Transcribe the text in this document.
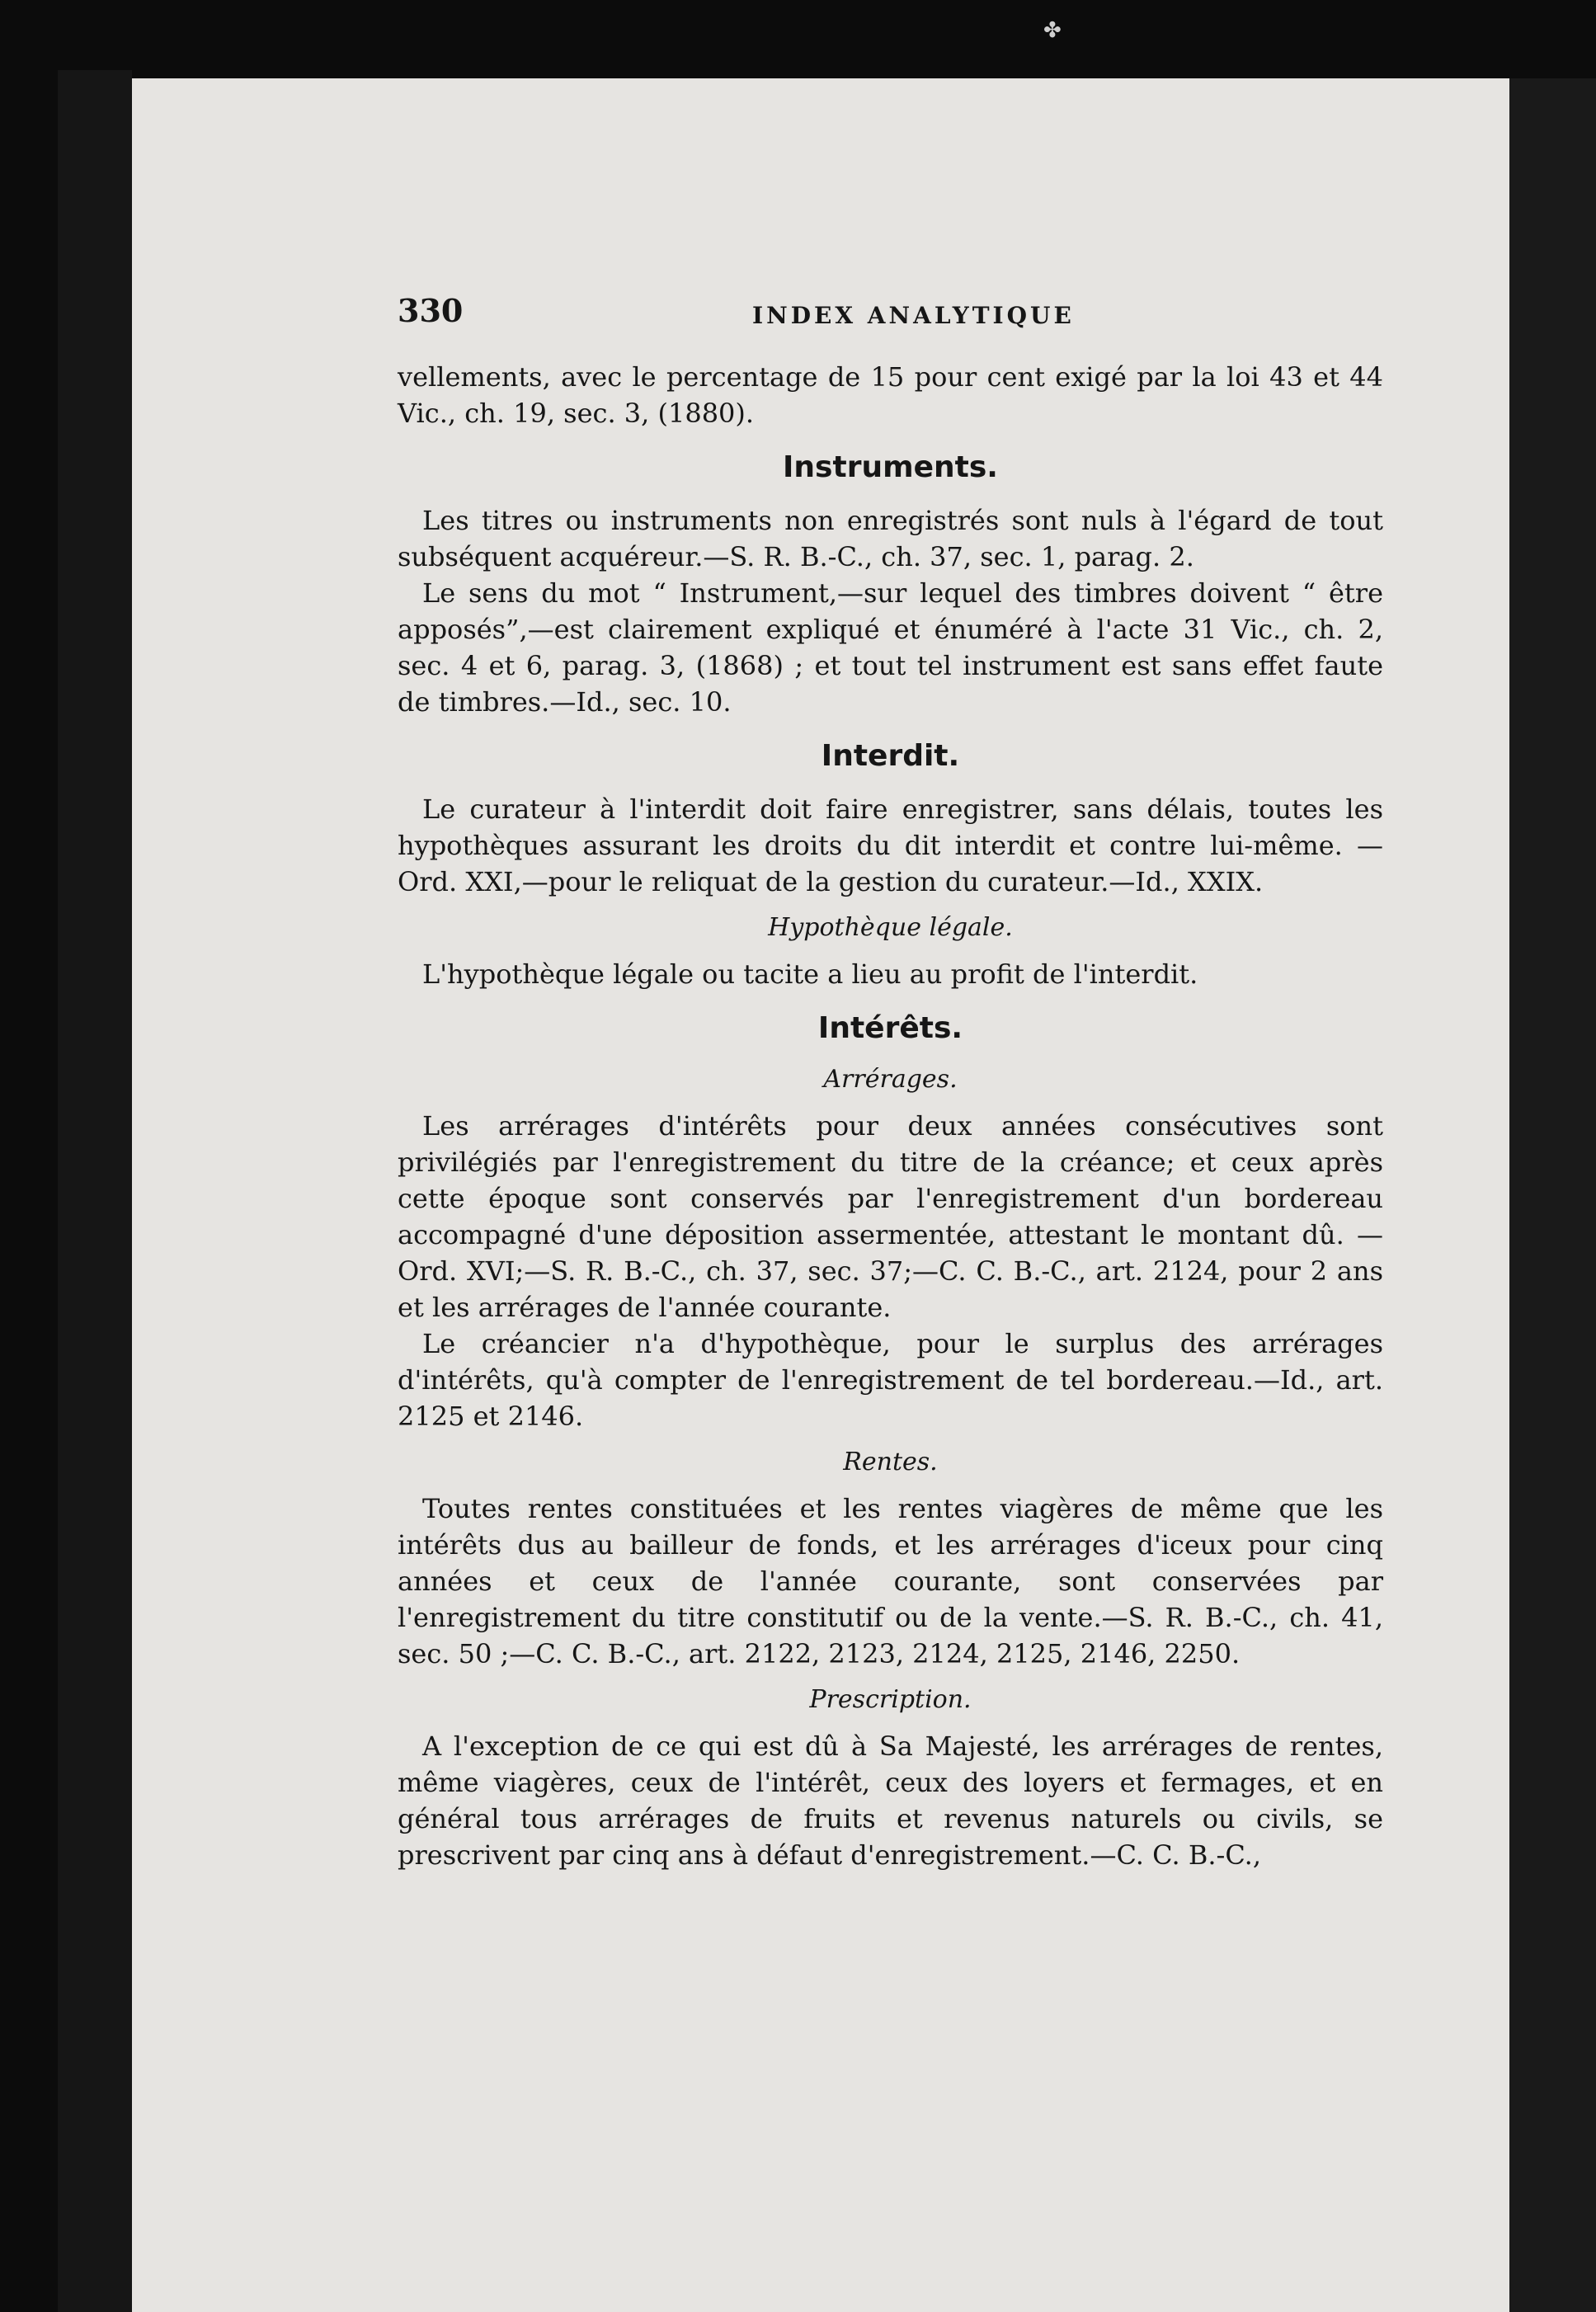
✤
330	INDEX ANALYTIQUE

vellements, avec le percentage de 15 pour cent exigé par la loi 43 et 44 Vic., ch. 19, sec. 3, (1880).

Instruments.

Les titres ou instruments non enregistrés sont nuls à l'égard de tout subséquent acquéreur.—S. R. B.-C., ch. 37, sec. 1, parag. 2.

Le sens du mot “ Instrument,—sur lequel des timbres doivent “ être apposés”,—est clairement expliqué et énuméré à l'acte 31 Vic., ch. 2, sec. 4 et 6, parag. 3, (1868) ; et tout tel instrument est sans effet faute de timbres.—Id., sec. 10.

Interdit.

Le curateur à l'interdit doit faire enregistrer, sans délais, toutes les hypothèques assurant les droits du dit interdit et contre lui-même. —Ord. XXI,—pour le reliquat de la gestion du curateur.—Id., XXIX.

Hypothèque légale.

L'hypothèque légale ou tacite a lieu au profit de l'interdit.

Intérêts.
Arrérages.

Les arrérages d'intérêts pour deux années consécutives sont privilégiés par l'enregistrement du titre de la créance; et ceux après cette époque sont conservés par l'enregistrement d'un bordereau accompagné d'une déposition assermentée, attestant le montant dû. —Ord. XVI;—S. R. B.-C., ch. 37, sec. 37;—C. C. B.-C., art. 2124, pour 2 ans et les arrérages de l'année courante.

Le créancier n'a d'hypothèque, pour le surplus des arrérages d'intérêts, qu'à compter de l'enregistrement de tel bordereau.—Id., art. 2125 et 2146.

Rentes.

Toutes rentes constituées et les rentes viagères de même que les intérêts dus au bailleur de fonds, et les arrérages d'iceux pour cinq années et ceux de l'année courante, sont conservées par l'enregistrement du titre constitutif ou de la vente.—S. R. B.-C., ch. 41, sec. 50 ;—C. C. B.-C., art. 2122, 2123, 2124, 2125, 2146, 2250.

Prescription.

A l'exception de ce qui est dû à Sa Majesté, les arrérages de rentes, même viagères, ceux de l'intérêt, ceux des loyers et fermages, et en général tous arrérages de fruits et revenus naturels ou civils, se prescrivent par cinq ans à défaut d'enregistrement.—C. C. B.-C.,
